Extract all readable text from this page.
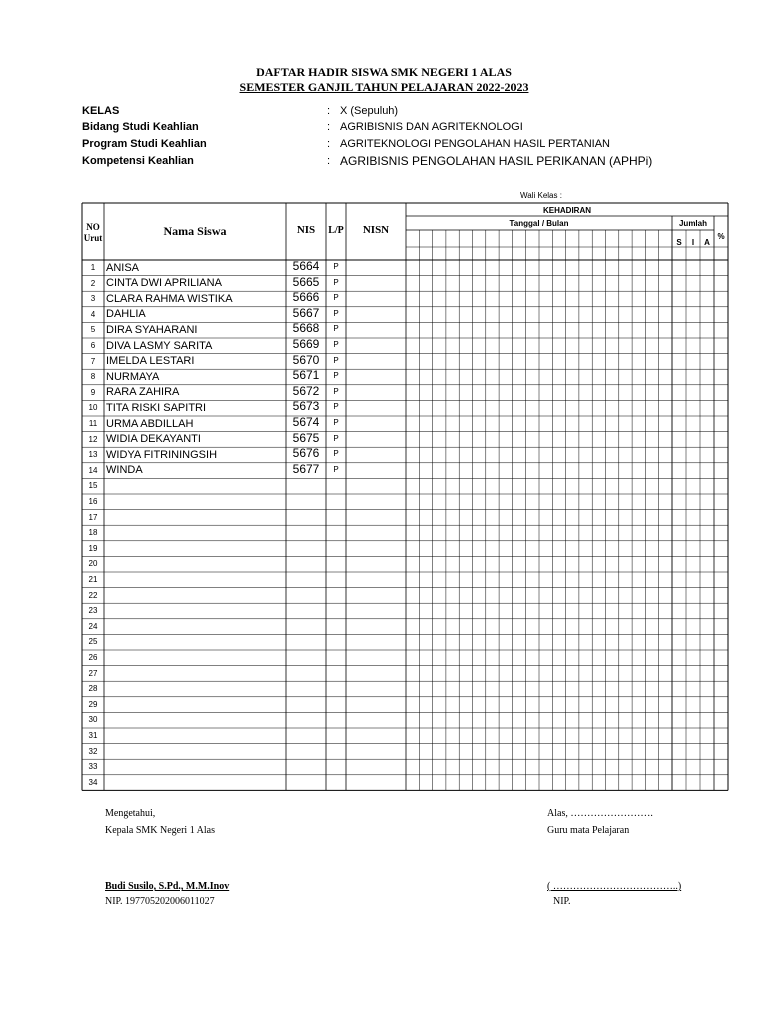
DAFTAR HADIR SISWA SMK NEGERI 1 ALAS
SEMESTER GANJIL TAHUN PELAJARAN 2022-2023
KELAS	: X (Sepuluh)
Bidang Studi Keahlian	: AGRIBISNIS DAN AGRITEKNOLOGI
Program Studi Keahlian	: AGRITEKNOLOGI PENGOLAHAN HASIL PERTANIAN
Kompetensi Keahlian	: AGRIBISNIS PENGOLAHAN HASIL PERIKANAN (APHPi)
Wali Kelas :
NO
Urut	Nama Siswa	NIS	L/P	NISN
KEHADIRAN
Tanggal / Bulan	Jumlah
S	I	A
%
1 ANISA	5664	P
2 CINTA DWI APRILIANA	5665	P
3 CLARA RAHMA WISTIKA	5666	P
4 DAHLIA	5667	P
5 DIRA SYAHARANI	5668	P
6 DIVA LASMY SARITA	5669	P
7 IMELDA LESTARI	5670	P
8 NURMAYA	5671	P
9 RARA ZAHIRA	5672	P
10 TITA RISKI SAPITRI	5673	P
11 URMA ABDILLAH	5674	P
12 WIDIA DEKAYANTI	5675	P
13 WIDYA FITRININGSIH	5676	P
14 WINDA	5677	P
15
16
17
18
19
20
21
22
23
24
25
26
27
28
29
30
31
32
33
34
Mengetahui,
Kepala SMK Negeri 1 Alas
Budi Susilo, S.Pd., M.M.Inov
NIP. 197705202006011027
Alas, …………………….
Guru mata Pelajaran
( ………………………………..)
NIP.
